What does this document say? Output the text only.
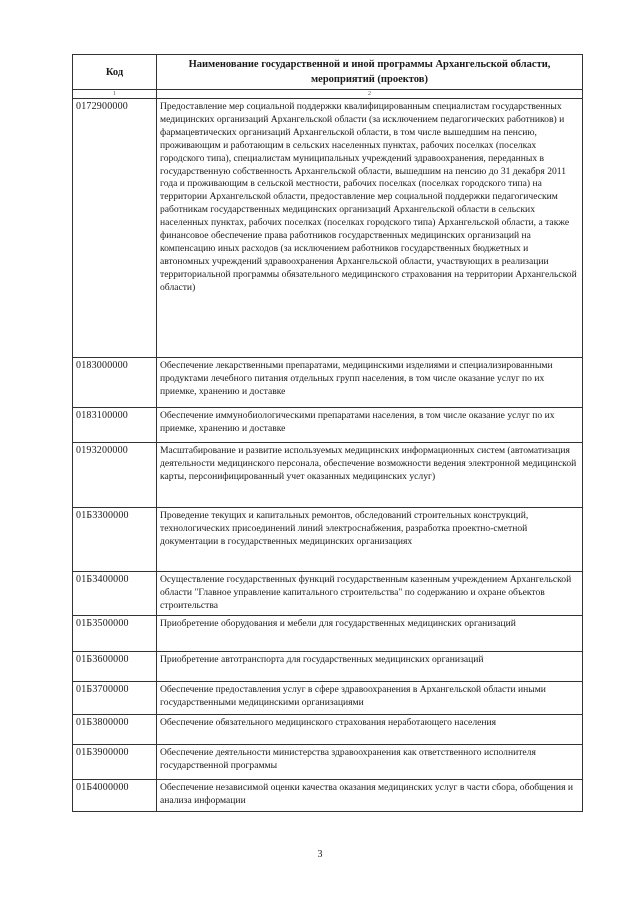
Код	Наименование государственной и иной программы Архангельской области, мероприятий (проектов)
1	2
0172900000	Предоставление мер социальной поддержки квалифицированным специалистам государственных медицинских организаций Архангельской области (за исключением педагогических работников) и фармацевтических организаций Архангельской области, в том числе вышедшим на пенсию, проживающим и работающим в сельских населенных пунктах, рабочих поселках (поселках городского типа), специалистам муниципальных учреждений здравоохранения, переданных в государственную собственность Архангельской области, вышедшим на пенсию до 31 декабря 2011 года и проживающим в сельской местности, рабочих поселках (поселках городского типа) на территории Архангельской области, предоставление мер социальной поддержки педагогическим работникам государственных медицинских организаций Архангельской области в сельских населенных пунктах, рабочих поселках (поселках городского типа) Архангельской области, а также финансовое обеспечение права работников государственных медицинских организаций на компенсацию иных расходов (за исключением работников государственных бюджетных и автономных учреждений здравоохранения Архангельской области, участвующих в реализации территориальной программы обязательного медицинского страхования на территории Архангельской области)
0183000000	Обеспечение лекарственными препаратами, медицинскими изделиями и специализированными продуктами лечебного питания отдельных групп населения, в том числе оказание услуг по их приемке, хранению и доставке
0183100000	Обеспечение иммунобиологическими препаратами населения, в том числе оказание услуг по их приемке, хранению и доставке
0193200000	Масштабирование и развитие используемых медицинских информационных систем (автоматизация деятельности медицинского персонала, обеспечение возможности ведения электронной медицинской карты, персонифицированный учет оказанных медицинских услуг)
01Б3300000	Проведение текущих и капитальных ремонтов, обследований строительных конструкций, технологических присоединений линий электроснабжения, разработка проектно-сметной документации в государственных медицинских организациях
01Б3400000	Осуществление государственных функций государственным казенным учреждением Архангельской области "Главное управление капитального строительства" по содержанию и охране объектов строительства
01Б3500000	Приобретение оборудования и мебели для государственных медицинских организаций
01Б3600000	Приобретение автотранспорта для государственных медицинских организаций
01Б3700000	Обеспечение предоставления услуг в сфере здравоохранения в Архангельской области иными государственными медицинскими организациями
01Б3800000	Обеспечение обязательного медицинского страхования неработающего населения
01Б3900000	Обеспечение деятельности министерства здравоохранения как ответственного исполнителя государственной программы
01Б4000000	Обеспечение независимой оценки качества оказания медицинских услуг в части сбора, обобщения и анализа информации
3
